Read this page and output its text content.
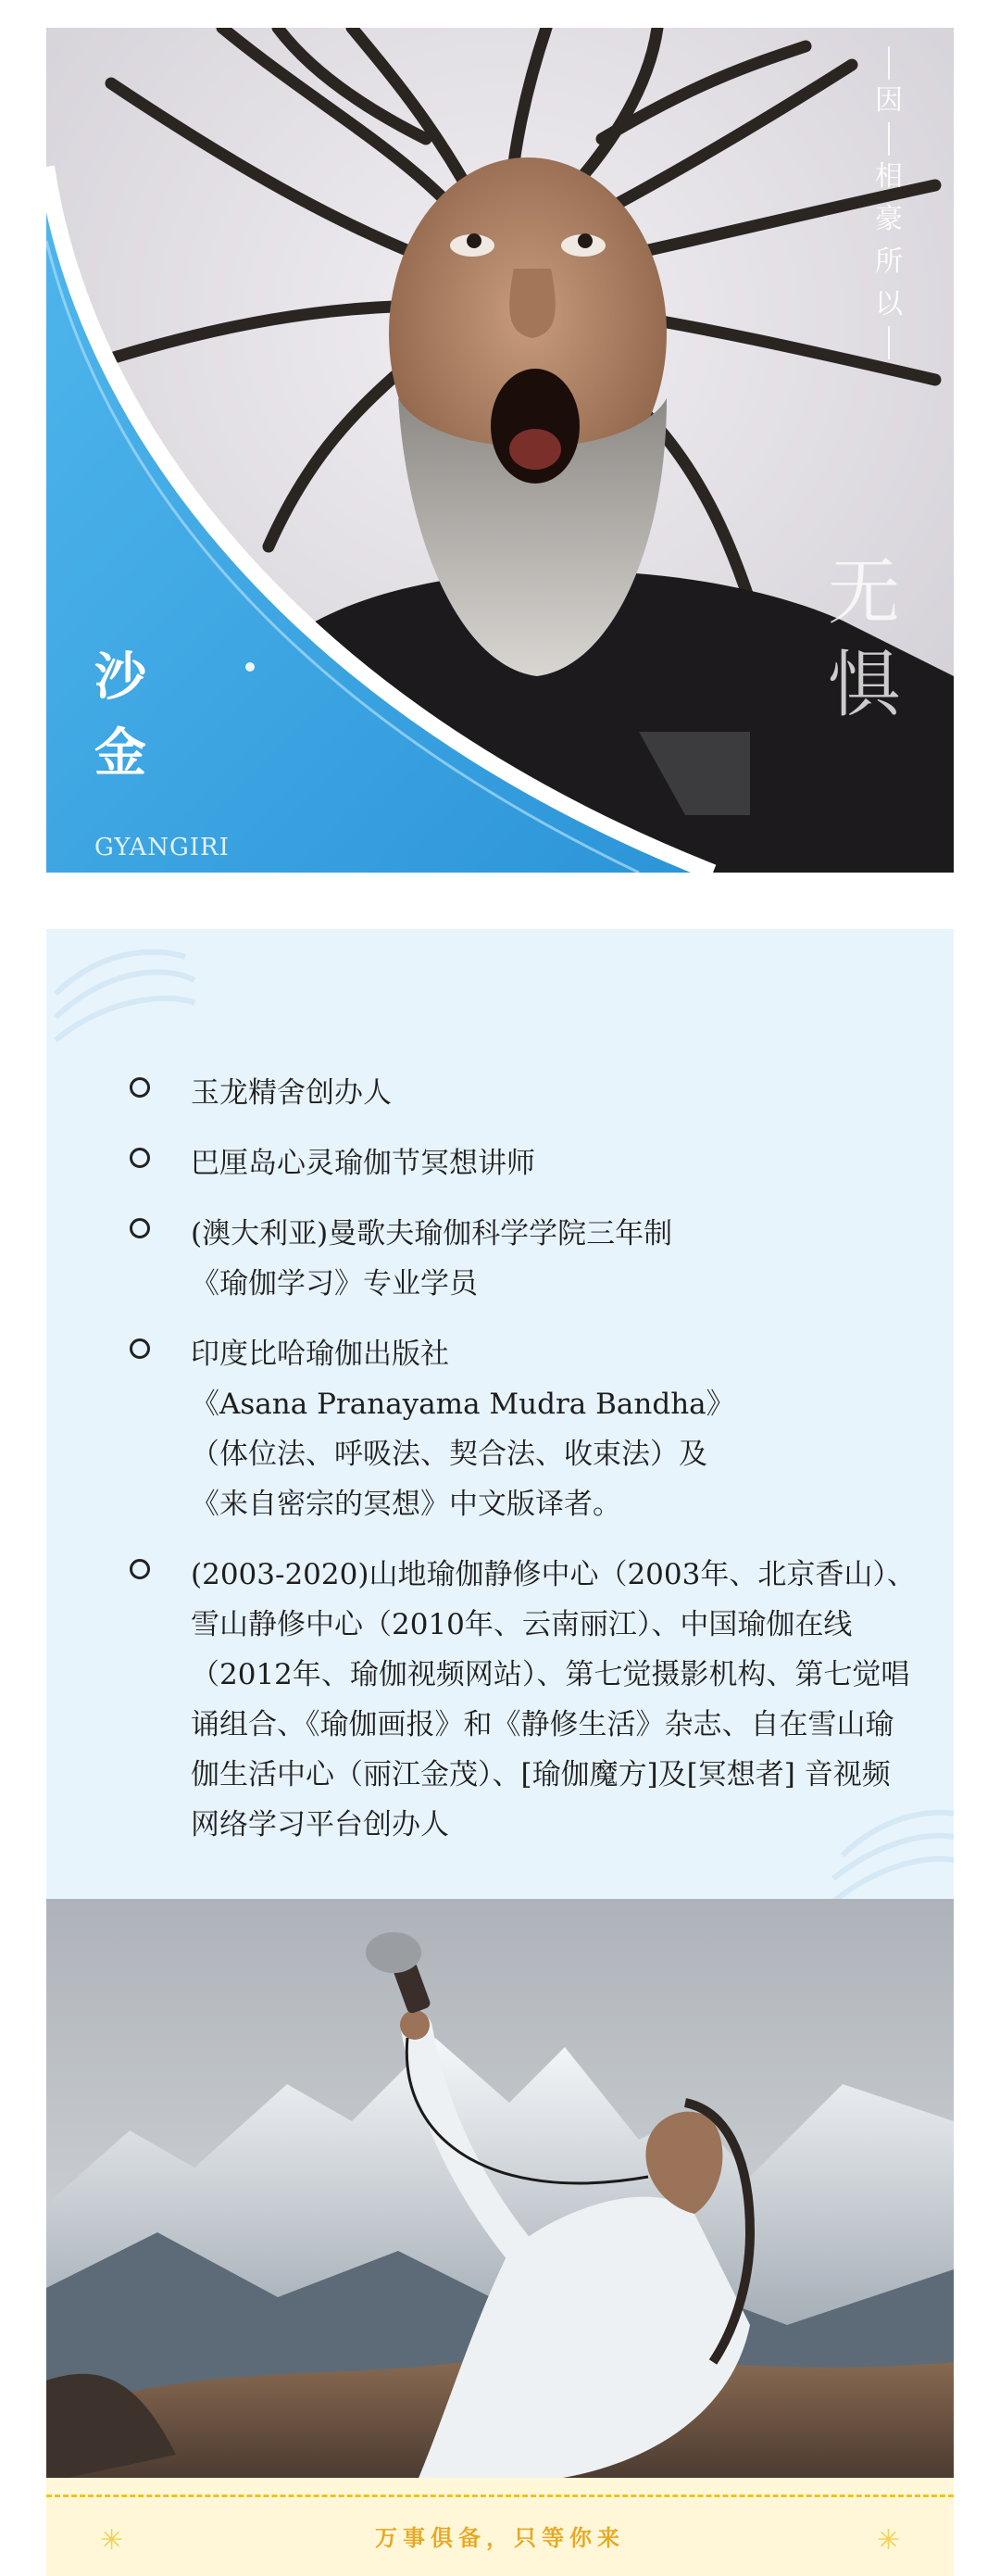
因
相
豪
所
以
无
惧
沙金
GYANGIRI
玉龙精舍创办人
巴厘岛心灵瑜伽节冥想讲师
(澳大利亚)曼歌夫瑜伽科学学院三年制
《瑜伽学习》专业学员
印度比哈瑜伽出版社
《Asana Pranayama Mudra Bandha》
（体位法、呼吸法、契合法、收束法）及
《来自密宗的冥想》中文版译者。
(2003-2020)山地瑜伽静修中心（2003年、北京香山）、雪山静修中心（2010年、云南丽江）、中国瑜伽在线（2012年、瑜伽视频网站）、第七觉摄影机构、第七觉唱诵组合、《瑜伽画报》和《静修生活》杂志、自在雪山瑜伽生活中心（丽江金茂）、[瑜伽魔方]及[冥想者] 音视频网络学习平台创办人
✳	万事俱备，只等你来	✳
